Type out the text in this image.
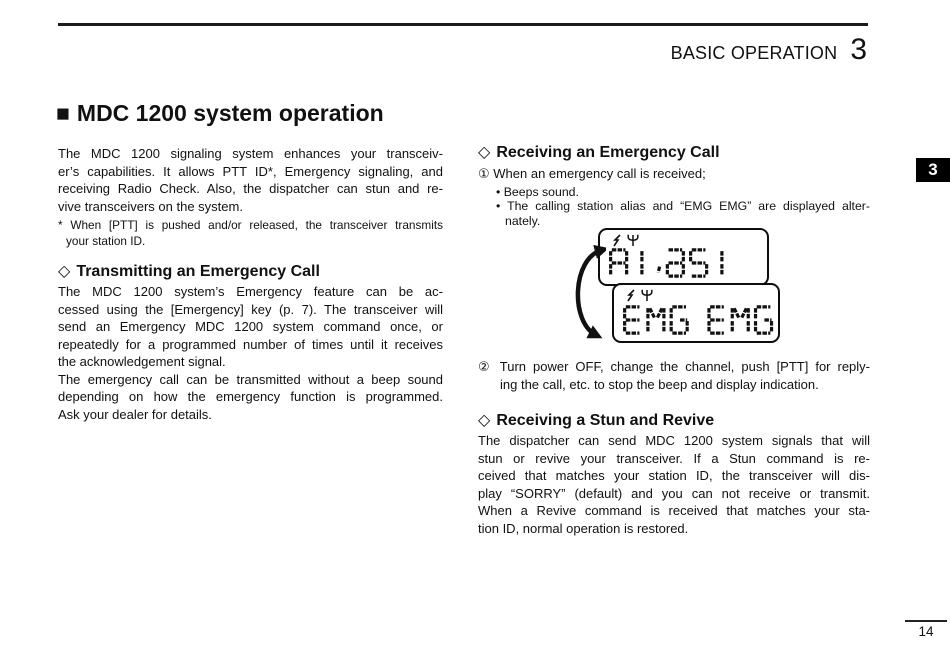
BASIC OPERATION 3
3
■ MDC 1200 system operation
The MDC 1200 signaling system enhances your transceiv-
er’s capabilities. It allows PTT ID*, Emergency signaling, and
receiving Radio Check. Also, the dispatcher can stun and re-
vive transceivers on the system.
* When [PTT] is pushed and/or released, the transceiver transmits
your station ID.
◇ Transmitting an Emergency Call
The MDC 1200 system’s Emergency feature can be ac-
cessed using the [Emergency] key (p. 7). The transceiver will
send an Emergency MDC 1200 system command once, or
repeatedly for a programmed number of times until it receives
the acknowledgement signal.
The emergency call can be transmitted without a beep sound
depending on how the emergency function is programmed.
Ask your dealer for details.
◇ Receiving an Emergency Call
① When an emergency call is received;
• Beeps sound.
• The calling station alias and “EMG EMG” are displayed alter-
nately.
② Turn power OFF, change the channel, push [PTT] for reply-
ing the call, etc. to stop the beep and display indication.
◇ Receiving a Stun and Revive
The dispatcher can send MDC 1200 system signals that will
stun or revive your transceiver. If a Stun command is re-
ceived that matches your station ID, the transceiver will dis-
play “SORRY” (default) and you can not receive or transmit.
When a Revive command is received that matches your sta-
tion ID, normal operation is restored.
14
